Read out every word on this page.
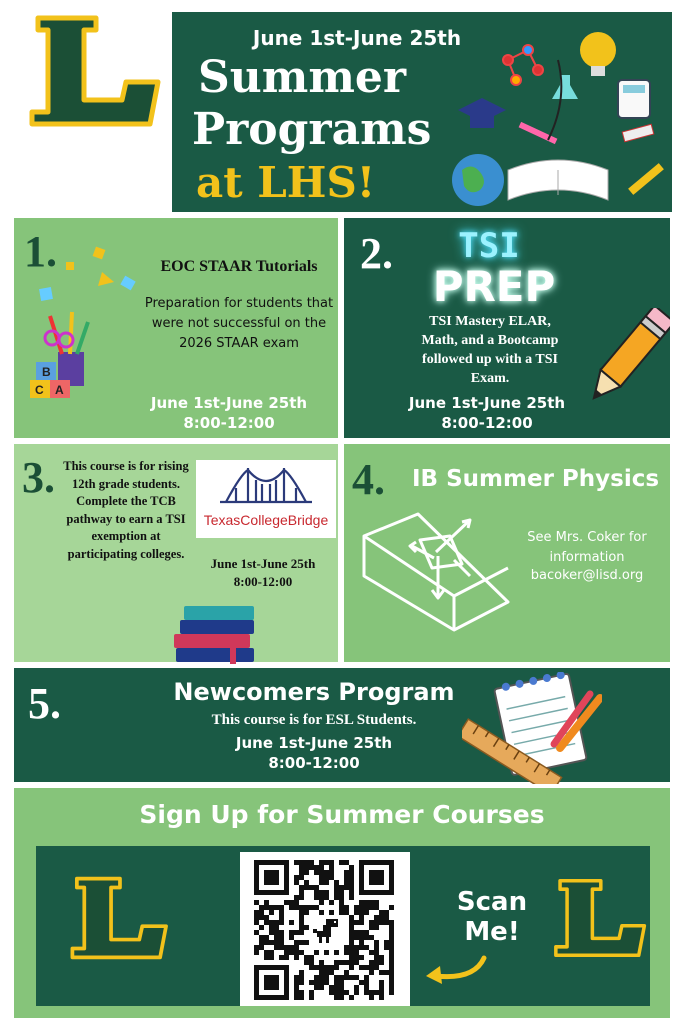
June 1st-June 25th
Summer
Programs
at LHS!
1.
B
C A
EOC STAAR Tutorials
Preparation for students that were not successful on the 2026 STAAR exam
June 1st-June 25th
8:00-12:00
2.	TSI
PREP
TSI Mastery ELAR, Math, and a Bootcamp followed up with a TSI Exam.
June 1st-June 25th
8:00-12:00
3. This course is for rising 12th grade students. Complete the TCB pathway to earn a TSI exemption at participating colleges.
TexasCollegeBridge
June 1st-June 25th
8:00-12:00
4. IB Summer Physics
See Mrs. Coker for information
bacoker@lisd.org
5.	Newcomers Program
This course is for ESL Students.
June 1st-June 25th
8:00-12:00
Sign Up for Summer Courses
Scan
Me!
